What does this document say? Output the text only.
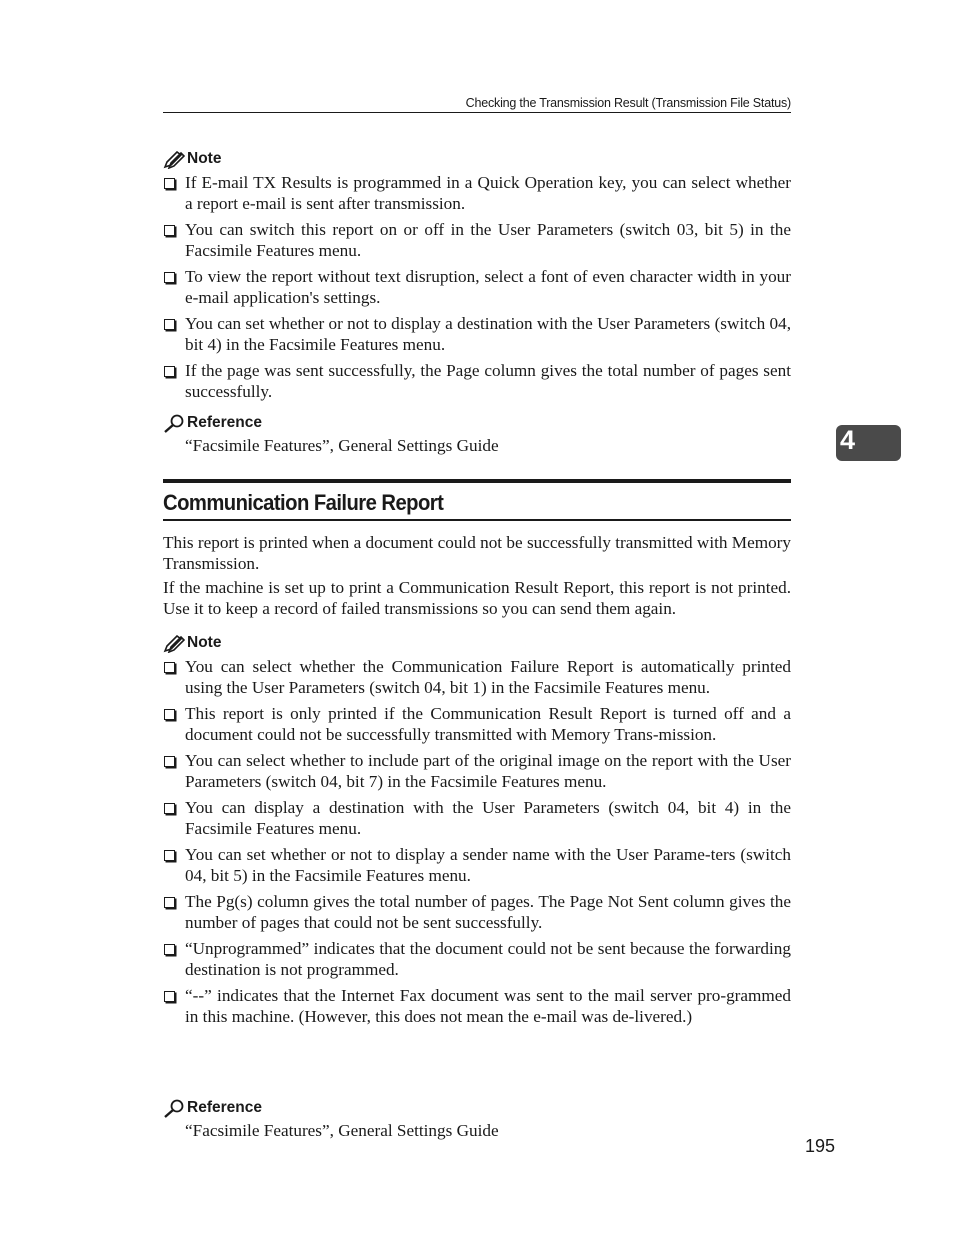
Checking the Transmission Result (Transmission File Status)
Note
If E-mail TX Results is programmed in a Quick Operation key, you can select whether a report e-mail is sent after transmission.
You can switch this report on or off in the User Parameters (switch 03, bit 5) in the Facsimile Features menu.
To view the report without text disruption, select a font of even character width in your e-mail application's settings.
You can set whether or not to display a destination with the User Parameters (switch 04, bit 4) in the Facsimile Features menu.
If the page was sent successfully, the Page column gives the total number of pages sent successfully.
Reference
“Facsimile Features”, General Settings Guide
Communication Failure Report

This report is printed when a document could not be successfully transmitted with Memory Transmission.

If the machine is set up to print a Communication Result Report, this report is not printed. Use it to keep a record of failed transmissions so you can send them again.

Note
You can select whether the Communication Failure Report is automatically printed using the User Parameters (switch 04, bit 1) in the Facsimile Features menu.
This report is only printed if the Communication Result Report is turned off and a document could not be successfully transmitted with Memory Trans-mission.
You can select whether to include part of the original image on the report with the User Parameters (switch 04, bit 7) in the Facsimile Features menu.
You can display a destination with the User Parameters (switch 04, bit 4) in the Facsimile Features menu.
You can set whether or not to display a sender name with the User Parame-ters (switch 04, bit 5) in the Facsimile Features menu.
The Pg(s) column gives the total number of pages. The Page Not Sent column gives the number of pages that could not be sent successfully.
“Unprogrammed” indicates that the document could not be sent because the forwarding destination is not programmed.
“--” indicates that the Internet Fax document was sent to the mail server pro-grammed in this machine. (However, this does not mean the e-mail was de-livered.)
Reference
“Facsimile Features”, General Settings Guide
4
195
